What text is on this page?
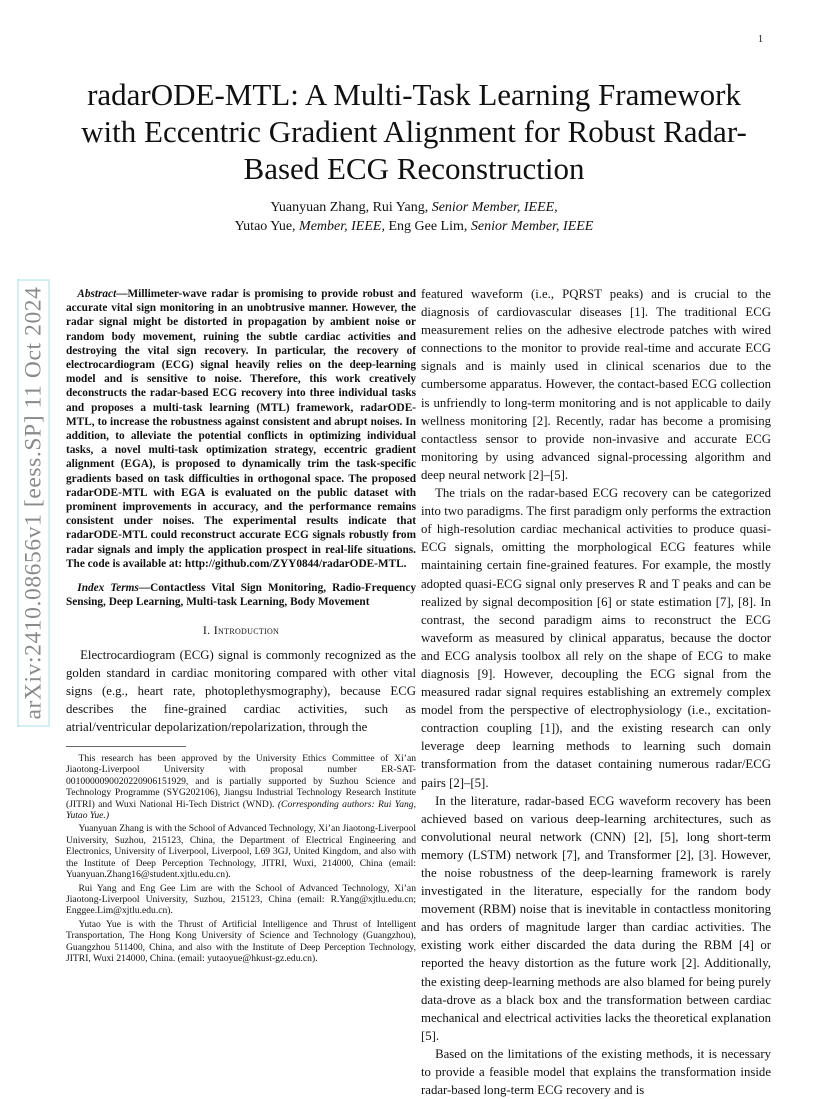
1
arXiv:2410.08656v1 [eess.SP] 11 Oct 2024
radarODE-MTL: A Multi-Task Learning Framework with Eccentric Gradient Alignment for Robust Radar-Based ECG Reconstruction
Yuanyuan Zhang, Rui Yang, Senior Member, IEEE,
Yutao Yue, Member, IEEE, Eng Gee Lim, Senior Member, IEEE

Abstract—Millimeter-wave radar is promising to provide robust and accurate vital sign monitoring in an unobtrusive manner. However, the radar signal might be distorted in propagation by ambient noise or random body movement, ruining the subtle cardiac activities and destroying the vital sign recovery. In particular, the recovery of electrocardiogram (ECG) signal heavily relies on the deep-learning model and is sensitive to noise. Therefore, this work creatively deconstructs the radar-based ECG recovery into three individual tasks and proposes a multi-task learning (MTL) framework, radarODE-MTL, to increase the robustness against consistent and abrupt noises. In addition, to alleviate the potential conflicts in optimizing individual tasks, a novel multi-task optimization strategy, eccentric gradient alignment (EGA), is proposed to dynamically trim the task-specific gradients based on task difficulties in orthogonal space. The proposed radarODE-MTL with EGA is evaluated on the public dataset with prominent improvements in accuracy, and the performance remains consistent under noises. The experimental results indicate that radarODE-MTL could reconstruct accurate ECG signals robustly from radar signals and imply the application prospect in real-life situations. The code is available at: http://github.com/ZYY0844/radarODE-MTL.

Index Terms—Contactless Vital Sign Monitoring, Radio-Frequency Sensing, Deep Learning, Multi-task Learning, Body Movement

I. Introduction

Electrocardiogram (ECG) signal is commonly recognized as the golden standard in cardiac monitoring compared with other vital signs (e.g., heart rate, photoplethysmography), because ECG describes the fine-grained cardiac activities, such as atrial/ventricular depolarization/repolarization, through the

This research has been approved by the University Ethics Committee of Xi’an Jiaotong-Liverpool University with proposal number ER-SAT-0010000090020220906151929, and is partially supported by Suzhou Science and Technology Programme (SYG202106), Jiangsu Industrial Technology Research Institute (JITRI) and Wuxi National Hi-Tech District (WND). (Corresponding authors: Rui Yang, Yutao Yue.)

Yuanyuan Zhang is with the School of Advanced Technology, Xi’an Jiaotong-Liverpool University, Suzhou, 215123, China, the Department of Electrical Engineering and Electronics, University of Liverpool, Liverpool, L69 3GJ, United Kingdom, and also with the Institute of Deep Perception Technology, JITRI, Wuxi, 214000, China (email: Yuanyuan.Zhang16@student.xjtlu.edu.cn).

Rui Yang and Eng Gee Lim are with the School of Advanced Technology, Xi’an Jiaotong-Liverpool University, Suzhou, 215123, China (email: R.Yang@xjtlu.edu.cn; Enggee.Lim@xjtlu.edu.cn).

Yutao Yue is with the Thrust of Artificial Intelligence and Thrust of Intelligent Transportation, The Hong Kong University of Science and Technology (Guangzhou), Guangzhou 511400, China, and also with the Institute of Deep Perception Technology, JITRI, Wuxi 214000, China. (email: yutaoyue@hkust-gz.edu.cn).

featured waveform (i.e., PQRST peaks) and is crucial to the diagnosis of cardiovascular diseases [1]. The traditional ECG measurement relies on the adhesive electrode patches with wired connections to the monitor to provide real-time and accurate ECG signals and is mainly used in clinical scenarios due to the cumbersome apparatus. However, the contact-based ECG collection is unfriendly to long-term monitoring and is not applicable to daily wellness monitoring [2]. Recently, radar has become a promising contactless sensor to provide non-invasive and accurate ECG monitoring by using advanced signal-processing algorithm and deep neural network [2]–[5].

The trials on the radar-based ECG recovery can be categorized into two paradigms. The first paradigm only performs the extraction of high-resolution cardiac mechanical activities to produce quasi-ECG signals, omitting the morphological ECG features while maintaining certain fine-grained features. For example, the mostly adopted quasi-ECG signal only preserves R and T peaks and can be realized by signal decomposition [6] or state estimation [7], [8]. In contrast, the second paradigm aims to reconstruct the ECG waveform as measured by clinical apparatus, because the doctor and ECG analysis toolbox all rely on the shape of ECG to make diagnosis [9]. However, decoupling the ECG signal from the measured radar signal requires establishing an extremely complex model from the perspective of electrophysiology (i.e., excitation-contraction coupling [1]), and the existing research can only leverage deep learning methods to learning such domain transformation from the dataset containing numerous radar/ECG pairs [2]–[5].

In the literature, radar-based ECG waveform recovery has been achieved based on various deep-learning architectures, such as convolutional neural network (CNN) [2], [5], long short-term memory (LSTM) network [7], and Transformer [2], [3]. However, the noise robustness of the deep-learning framework is rarely investigated in the literature, especially for the random body movement (RBM) noise that is inevitable in contactless monitoring and has orders of magnitude larger than cardiac activities. The existing work either discarded the data during the RBM [4] or reported the heavy distortion as the future work [2]. Additionally, the existing deep-learning methods are also blamed for being purely data-drove as a black box and the transformation between cardiac mechanical and electrical activities lacks the theoretical explanation [5].

Based on the limitations of the existing methods, it is necessary to provide a feasible model that explains the transformation inside radar-based long-term ECG recovery and is
